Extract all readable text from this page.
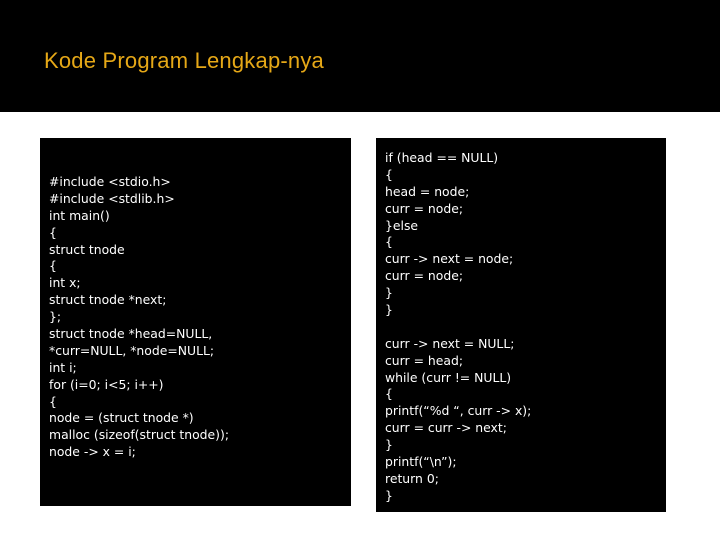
Kode Program Lengkap-nya
#include <stdio.h>
#include <stdlib.h>
int main()
{
struct tnode
{
int x;
struct tnode *next;
};
struct tnode *head=NULL,
*curr=NULL, *node=NULL;
int i;
for (i=0; i<5; i++)
{
node = (struct tnode *)
malloc (sizeof(struct tnode));
node -> x = i;
if (head == NULL)
{
head = node;
curr = node;
}else
{
curr -> next = node;
curr = node;
}
}
curr -> next = NULL;
curr = head;
while (curr != NULL)
{
printf(“%d “, curr -> x);
curr = curr -> next;
}
printf(“\n”);
return 0;
}
